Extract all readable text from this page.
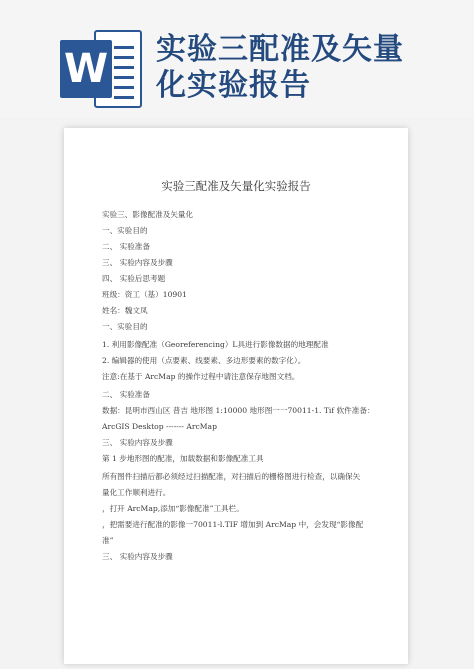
W 实验三配准及矢量
化实验报告
实验三配准及矢量化实验报告
实验三、影像配准及矢量化
一、实验目的
二、 实验准备
三、 实验内容及步骤
四、 实验后思考题
班级：资工（基）10901
姓名：魏文凤
一、实验目的
1. 利用影像配准（Georeferencing）L具进行影像数据的地理配准
2. 编辑器的使用（点要素、线要素、多边形要素的数字化）。
注意:在基于 ArcMap 的操作过程中请注意保存地图文档。
二、 实验准备
数据：昆明市西山区 普吉 地形图 1:10000 地形图一一70011-1. Tif 软件准备：
ArcGIS Desktop ------- ArcMap
三、 实验内容及步骤
第 1 步地形图的配准，加载数据和影像配准工具
所有图件扫描后都必须经过扫描配准，对扫描后的栅格图进行检查，以确保矢
量化工作顺利进行。
，打开 ArcMap,添加“影像配准”工具栏。
，把需要进行配准的影像一70011-l.TIF 增加到 ArcMap 中，会发现“影像配
准”
三、 实验内容及步骤
